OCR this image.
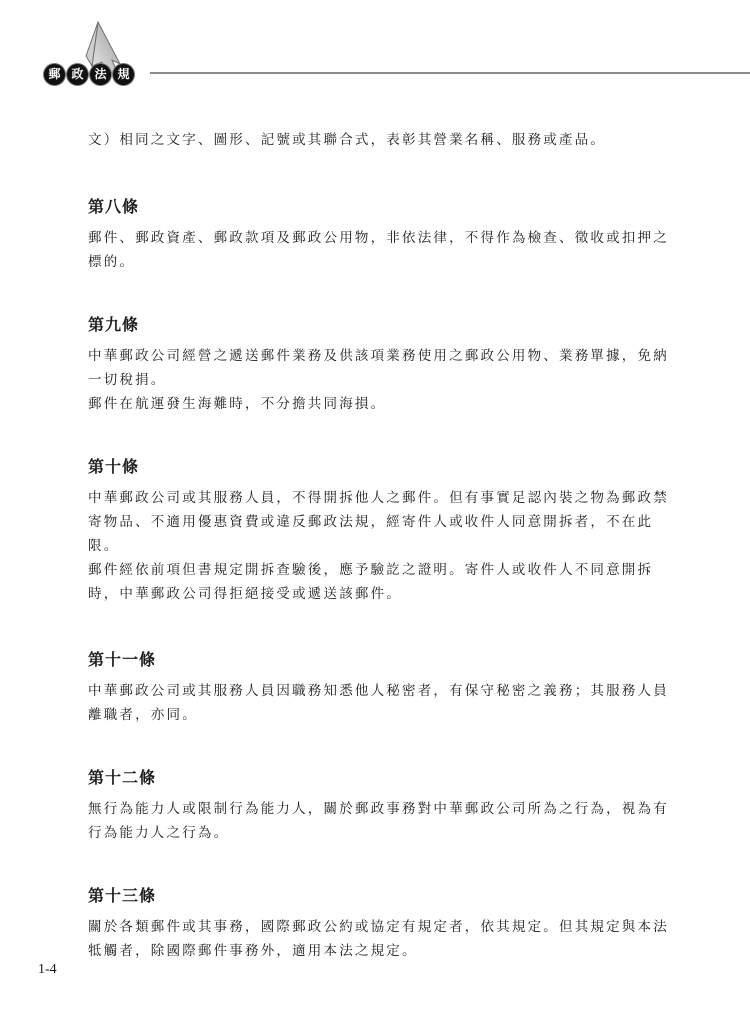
郵 政 法 規

文）相同之文字、圖形、記號或其聯合式，表彰其營業名稱、服務或產品。

第八條

郵件、郵政資產、郵政款項及郵政公用物，非依法律，不得作為檢查、徵收或扣押之標的。

第九條

中華郵政公司經營之遞送郵件業務及供該項業務使用之郵政公用物、業務單據，免納一切稅捐。

郵件在航運發生海難時，不分擔共同海損。

第十條

中華郵政公司或其服務人員，不得開拆他人之郵件。但有事實足認內裝之物為郵政禁寄物品、不適用優惠資費或違反郵政法規，經寄件人或收件人同意開拆者，不在此限。

郵件經依前項但書規定開拆查驗後，應予驗訖之證明。寄件人或收件人不同意開拆時，中華郵政公司得拒絕接受或遞送該郵件。

第十一條

中華郵政公司或其服務人員因職務知悉他人秘密者，有保守秘密之義務；其服務人員離職者，亦同。

第十二條

無行為能力人或限制行為能力人，關於郵政事務對中華郵政公司所為之行為，視為有行為能力人之行為。

第十三條

關於各類郵件或其事務，國際郵政公約或協定有規定者，依其規定。但其規定與本法牴觸者，除國際郵件事務外，適用本法之規定。

1-4
